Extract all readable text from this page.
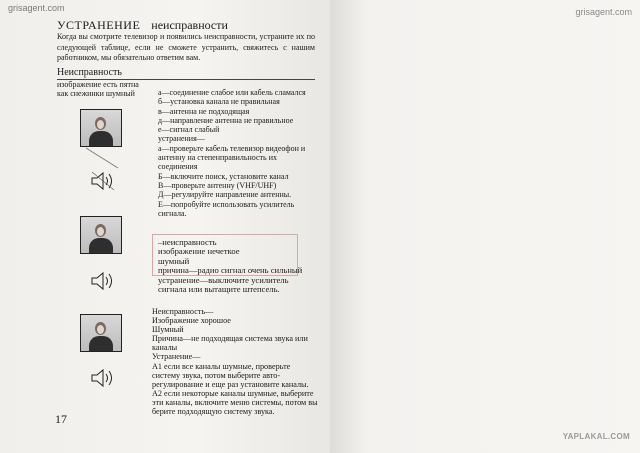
grisagent.com	grisagent.com
YAPLAKAL.COM
УСТРАНЕНИЕ неисправности
Когда вы смотрите телевизор и появились неисправности, устраните их по следующей таблице, если не сможете устранить, свяжитесь с нашим работником, мы обязательно ответим вам.
Неисправность
изображение есть пятна как снежинки шумный	а—соединение слабое или кабель сламался
б—установка канала не правильная
в—антенна не подходящая
д—направление антенна не правильное
е—сигнал слабый
устранения—
а—проверьте кабель телевизор видеофон и антенну на степенправильность их соединения
Б—включите поиск, установите канал
В—проверьте антенну (VHF/UHF)
Д—регулируйте направление антенны.
Е—попробуйте использовать усилитель сигнала.
–неисправность
изображение нечеткое
шумный
причина—радио сигнал очень сильный
устранение—выключите усилитель сигнала или вытащите штепсель.
Неисправность—
Изображение хорошое
Шумный
Причина—не подходящая система звука или каналы
Устранение—
А1 если все каналы шумные, проверьте систему звука, потом выберите авто-регулирование и еще раз установите каналы.
А2 если некоторые каналы шумные, выберите эти каналы, включите меню системы, потом вы берите подходящую систему звука.
17
